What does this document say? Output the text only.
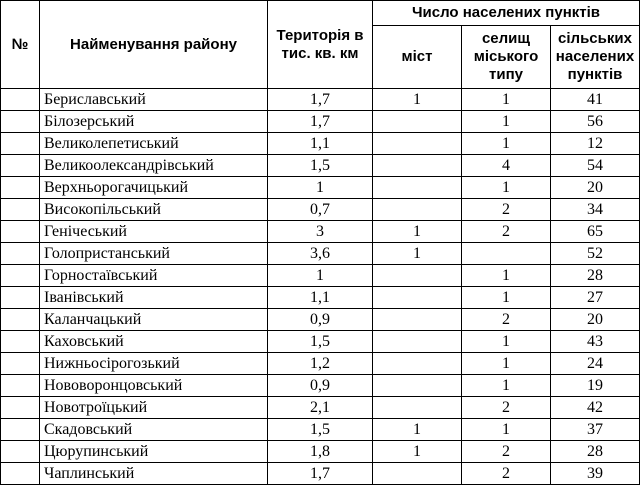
№	Найменування району	Територія в тис. кв. км	Число населених пунктів		
			міст	селищ міського типу	сільських населених пунктів
	Бериславський	1,7	1	1	41
	Білозерський	1,7		1	56
	Великолепетиський	1,1		1	12
	Великоолександрівський	1,5		4	54
	Верхньорогачицький	1		1	20
	Високопільський	0,7		2	34
	Генічеський	3	1	2	65
	Голопристанський	3,6	1		52
	Горностаївський	1		1	28
	Іванівський	1,1		1	27
	Каланчацький	0,9		2	20
	Каховський	1,5		1	43
	Нижньосірогозький	1,2		1	24
	Нововоронцовський	0,9		1	19
	Новотроїцький	2,1		2	42
	Скадовський	1,5	1	1	37
	Цюрупинський	1,8	1	2	28
	Чаплинський	1,7		2	39
